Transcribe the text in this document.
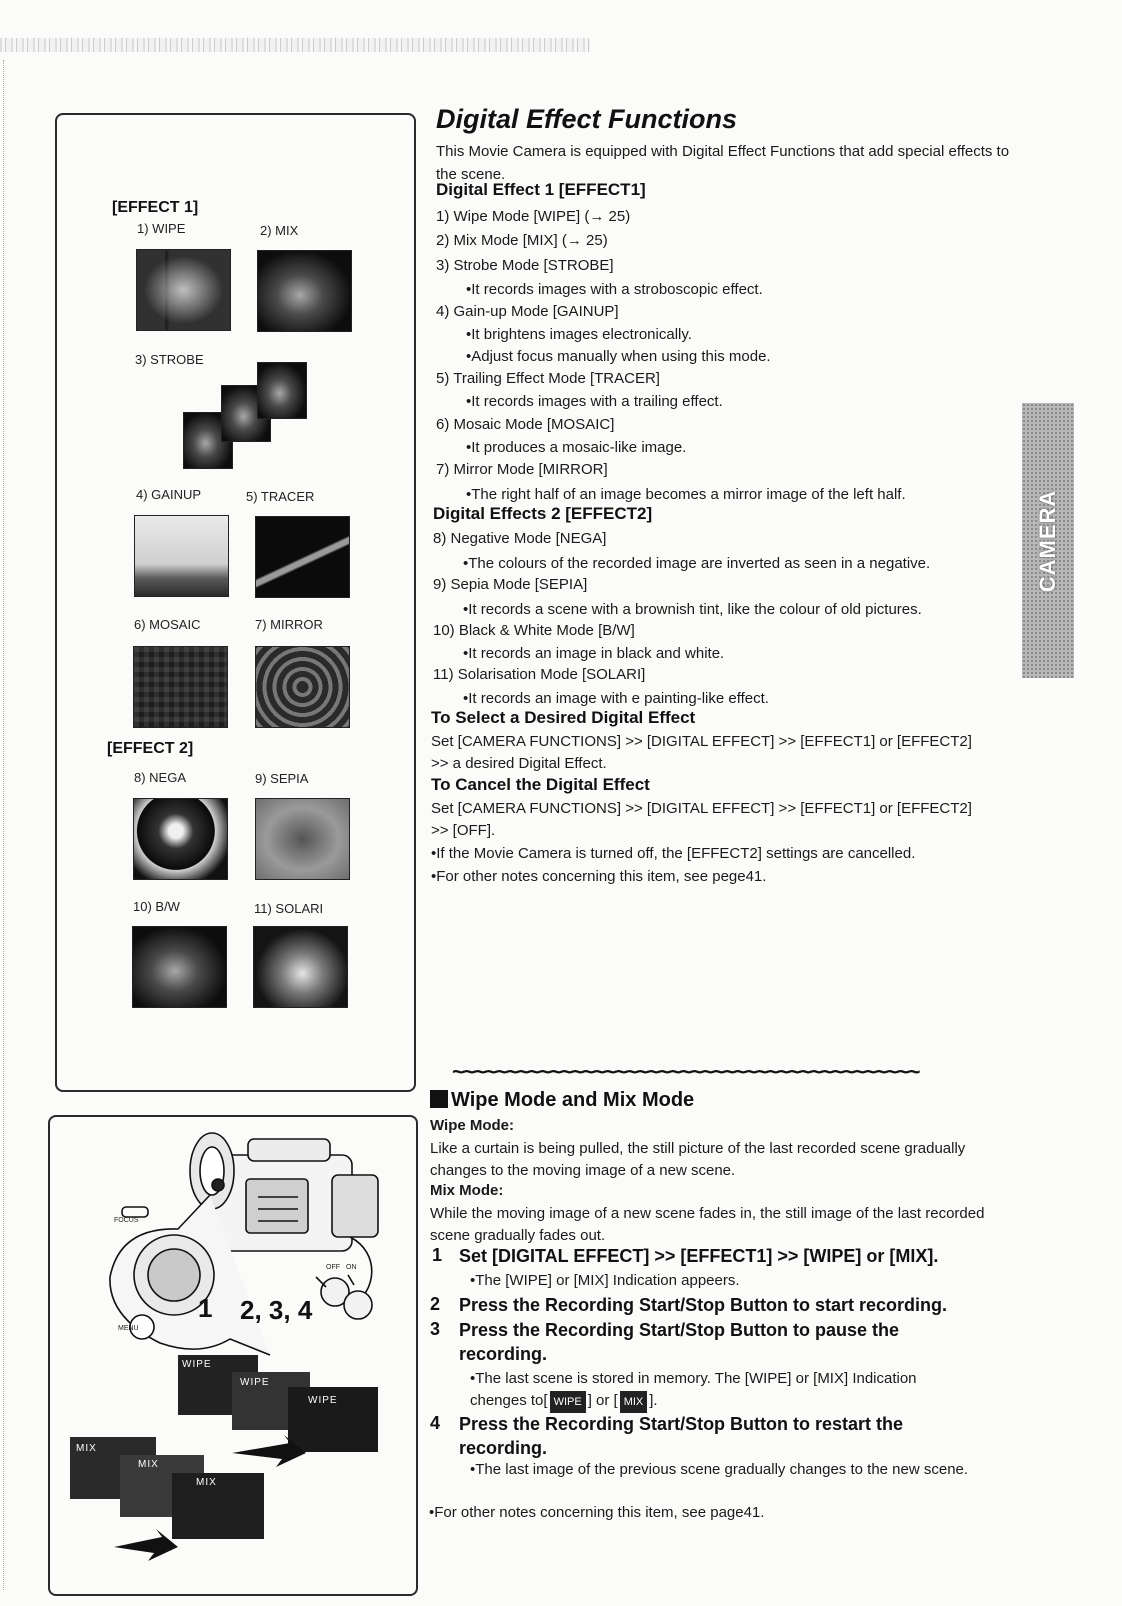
[EFFECT 1]
1) WIPE	2) MIX
3) STROBE
4) GAINUP	5) TRACER
6) MOSAIC	7) MIRROR
[EFFECT 2]
8) NEGA	9) SEPIA
10) B/W	11) SOLARI
FOCUS
MENU
OFF ON
1 2, 3, 4
WIPE
WIPE
WIPE
MIX
MIX
MIX
Digital Effect Functions
This Movie Camera is equipped with Digital Effect Functions that add special effects to the scene.
Digital Effect 1 [EFFECT1]
1) Wipe Mode [WIPE] (→ 25)
2) Mix Mode [MIX] (→ 25)
3) Strobe Mode [STROBE]
•It records images with a stroboscopic effect.
4) Gain-up Mode [GAINUP]
•It brightens images electronically.
•Adjust focus manually when using this mode.
5) Trailing Effect Mode [TRACER]
•It records images with a trailing effect.
6) Mosaic Mode [MOSAIC]
•It produces a mosaic-like image.
7) Mirror Mode [MIRROR]
•The right half of an image becomes a mirror image of the left half.
Digital Effects 2 [EFFECT2]
8) Negative Mode [NEGA]
•The colours of the recorded image are inverted as seen in a negative.
9) Sepia Mode [SEPIA]
•It records a scene with a brownish tint, like the colour of old pictures.
10) Black & White Mode [B/W]
•It records an image in black and white.
11) Solarisation Mode [SOLARI]
•It records an image with e painting-like effect.
To Select a Desired Digital Effect
Set [CAMERA FUNCTIONS] >> [DIGITAL EFFECT] >> [EFFECT1] or [EFFECT2] >> a desired Digital Effect.
To Cancel the Digital Effect
Set [CAMERA FUNCTIONS] >> [DIGITAL EFFECT] >> [EFFECT1] or [EFFECT2] >> [OFF].
•If the Movie Camera is turned off, the [EFFECT2] settings are cancelled.
•For other notes concerning this item, see pege41.
CAMERA
~~~~~~~~~~~~~~~~~~~~~~~~~~~~~~~~~~~~~~~~~~~
Wipe Mode and Mix Mode
Wipe Mode:
Like a curtain is being pulled, the still picture of the last recorded scene gradually changes to the moving image of a new scene.
Mix Mode:
While the moving image of a new scene fades in, the still image of the last recorded scene gradually fades out.
1 Set [DIGITAL EFFECT] >> [EFFECT1] >> [WIPE] or [MIX].
•The [WIPE] or [MIX] Indication appeers.
2 Press the Recording Start/Stop Button to start recording.
3 Press the Recording Start/Stop Button to pause the recording.
•The last scene is stored in memory. The [WIPE] or [MIX] Indication
chenges to[ WIPE ] or [ MIX ].
4 Press the Recording Start/Stop Button to restart the recording.
•The last image of the previous scene gradually changes to the new scene.
•For other notes concerning this item, see page41.
